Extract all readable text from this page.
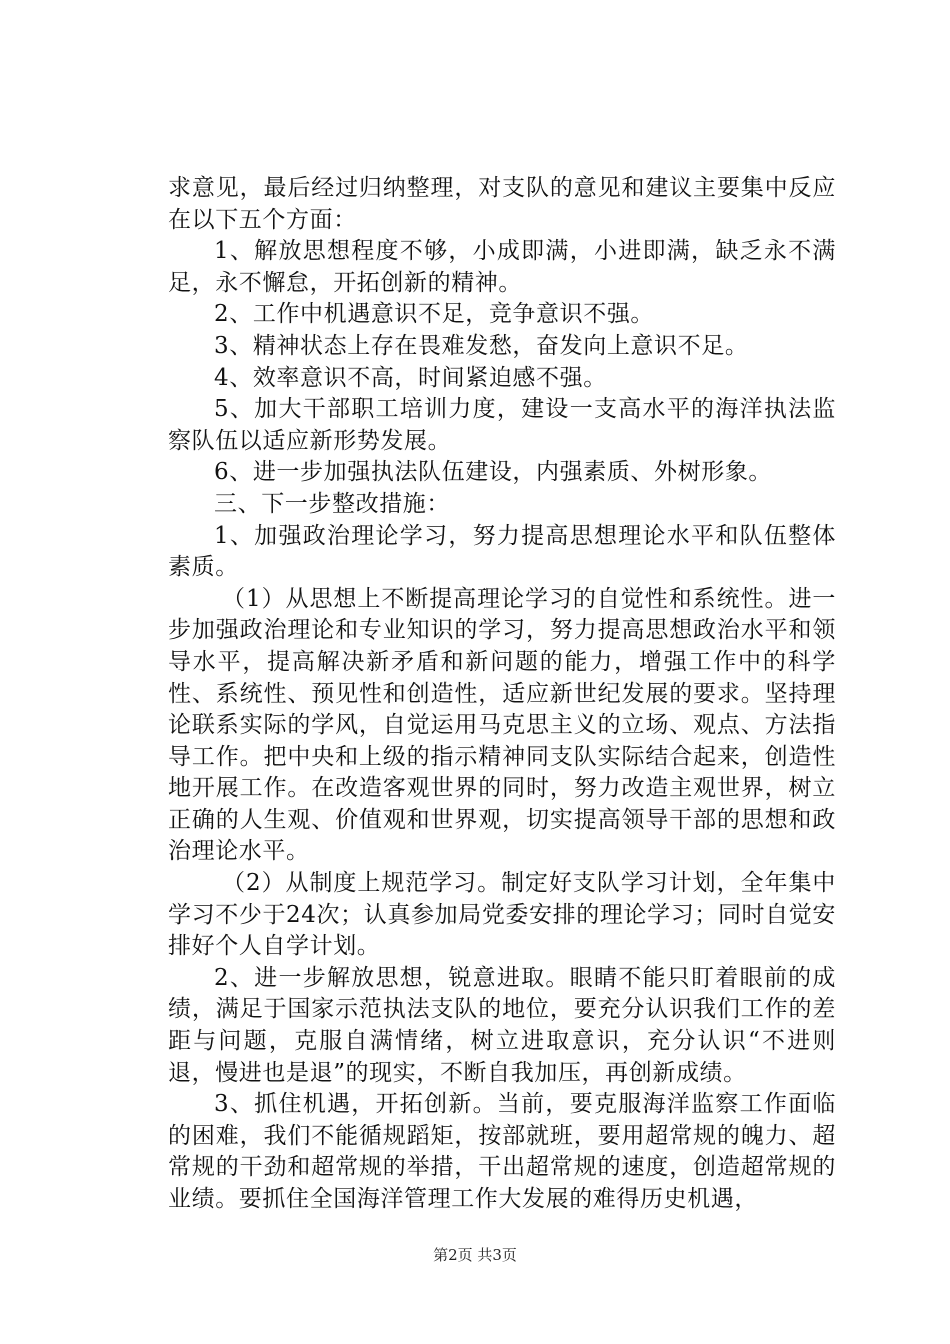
求意见，最后经过归纳整理，对支队的意见和建议主要集中反应在以下五个方面：

1、解放思想程度不够，小成即满，小进即满，缺乏永不满足，永不懈怠，开拓创新的精神。

2、工作中机遇意识不足，竞争意识不强。

3、精神状态上存在畏难发愁，奋发向上意识不足。

4、效率意识不高，时间紧迫感不强。

5、加大干部职工培训力度，建设一支高水平的海洋执法监察队伍以适应新形势发展。

6、进一步加强执法队伍建设，内强素质、外树形象。

三、下一步整改措施：

1、加强政治理论学习，努力提高思想理论水平和队伍整体素质。

（1）从思想上不断提高理论学习的自觉性和系统性。进一步加强政治理论和专业知识的学习，努力提高思想政治水平和领导水平，提高解决新矛盾和新问题的能力，增强工作中的科学性、系统性、预见性和创造性，适应新世纪发展的要求。坚持理论联系实际的学风，自觉运用马克思主义的立场、观点、方法指导工作。把中央和上级的指示精神同支队实际结合起来，创造性地开展工作。在改造客观世界的同时，努力改造主观世界，树立正确的人生观、价值观和世界观，切实提高领导干部的思想和政治理论水平。

（2）从制度上规范学习。制定好支队学习计划，全年集中学习不少于24次；认真参加局党委安排的理论学习；同时自觉安排好个人自学计划。

2、进一步解放思想，锐意进取。眼睛不能只盯着眼前的成绩，满足于国家示范执法支队的地位，要充分认识我们工作的差距与问题，克服自满情绪，树立进取意识，充分认识“不进则退，慢进也是退”的现实，不断自我加压，再创新成绩。

3、抓住机遇，开拓创新。当前，要克服海洋监察工作面临的困难，我们不能循规蹈矩，按部就班，要用超常规的魄力、超常规的干劲和超常规的举措，干出超常规的速度，创造超常规的业绩。要抓住全国海洋管理工作大发展的难得历史机遇，

第2页 共3页
